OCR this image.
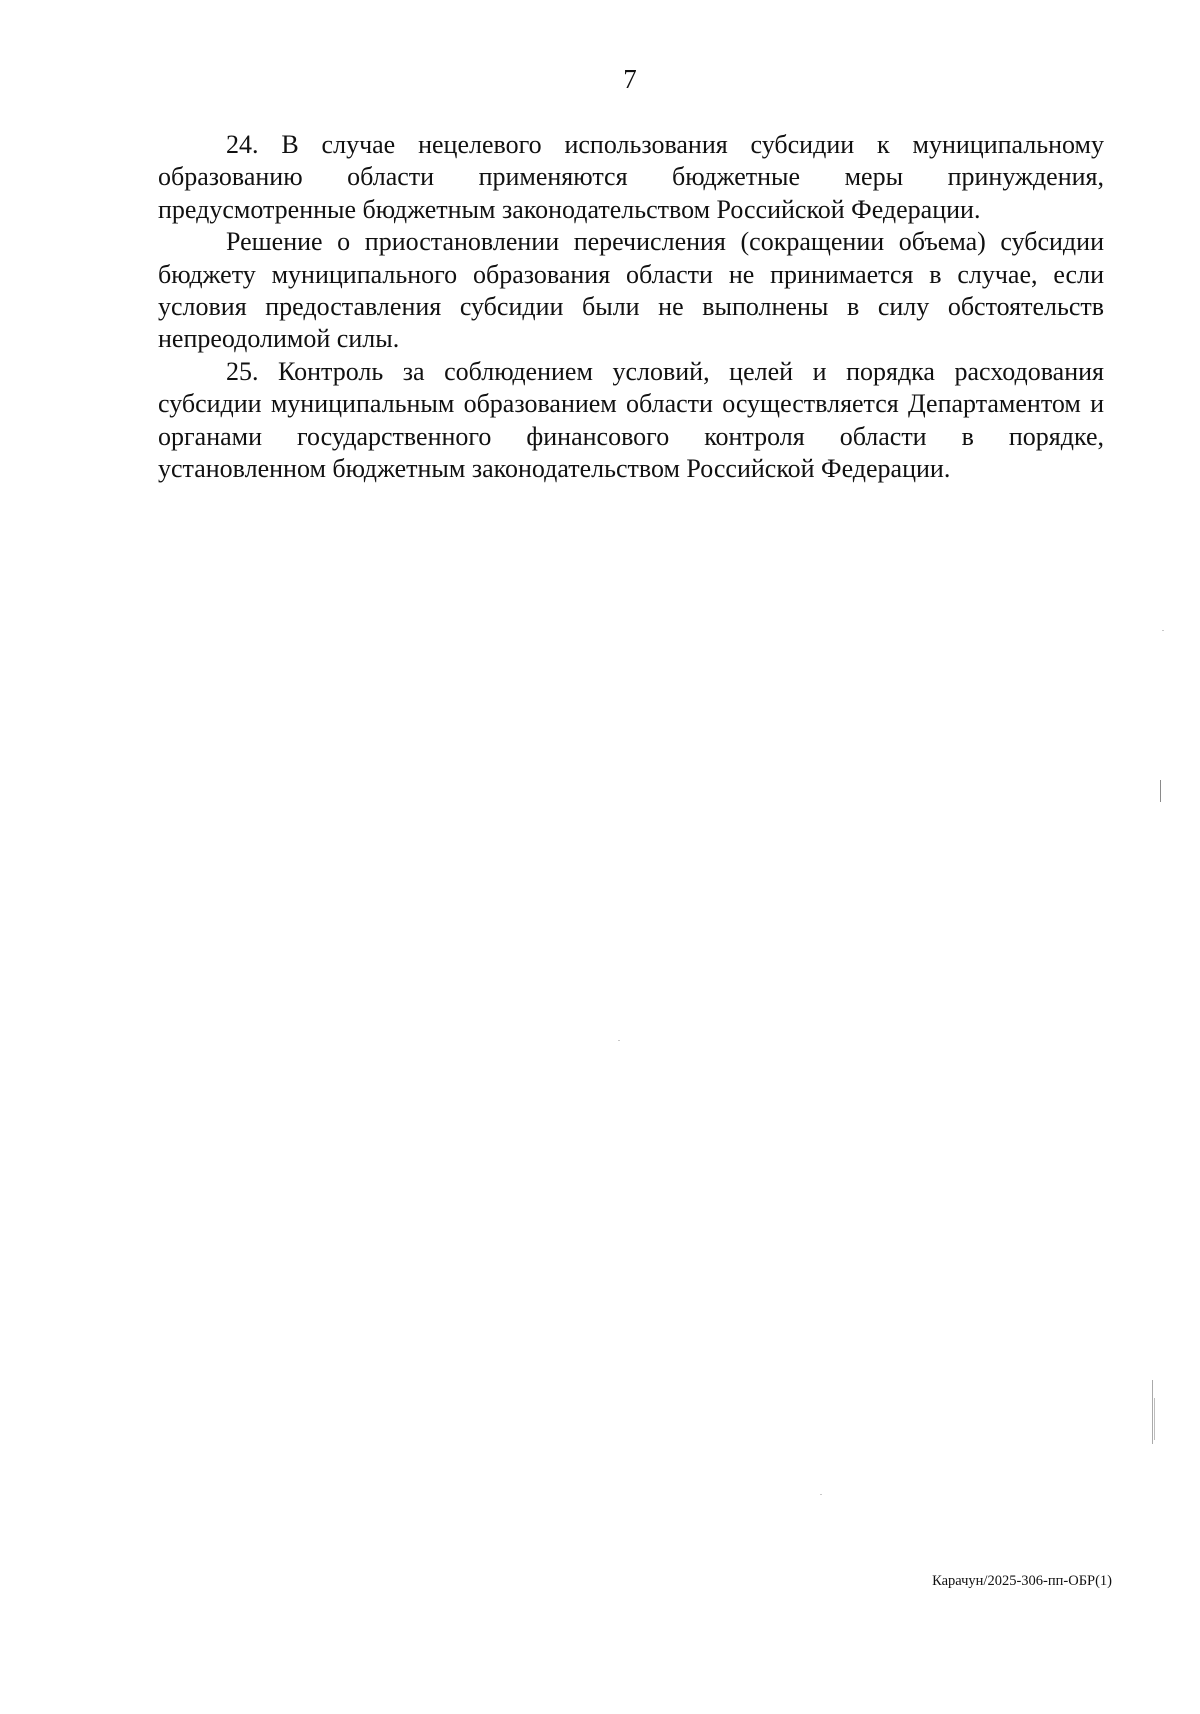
7

24. В случае нецелевого использования субсидии к муниципальному образованию области применяются бюджетные меры принуждения, предусмотренные бюджетным законодательством Российской Федерации.

Решение о приостановлении перечисления (сокращении объема) субсидии бюджету муниципального образования области не принимается в случае, если условия предоставления субсидии были не выполнены в силу обстоятельств непреодолимой силы.

25. Контроль за соблюдением условий, целей и порядка расходования субсидии муниципальным образованием области осуществляется Департаментом и органами государственного финансового контроля области в порядке, установленном бюджетным законодательством Российской Федерации.

Карачун/2025-306-пп-ОБР(1)
